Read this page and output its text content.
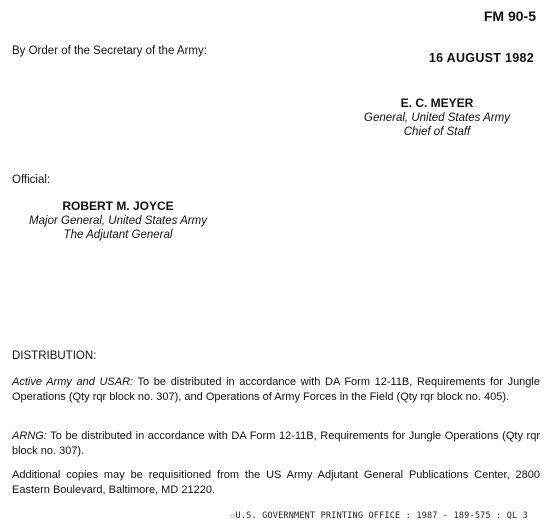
FM 90-5
By Order of the Secretary of the Army:	16 AUGUST 1982
E. C. MEYER
General, United States Army
Chief of Staff
Official:
ROBERT M. JOYCE
Major General, United States Army
The Adjutant General
DISTRIBUTION:
Active Army and USAR: To be distributed in accordance with DA Form 12-11B, Requirements for Jungle Operations (Qty rqr block no. 307), and Operations of Army Forces in the Field (Qty rqr block no. 405).
ARNG: To be distributed in accordance with DA Form 12-11B, Requirements for Jungle Operations (Qty rqr block no. 307).
Additional copies may be requisitioned from the US Army Adjutant General Publications Center, 2800 Eastern Boulevard, Baltimore, MD 21220.
☆U.S. GOVERNMENT PRINTING OFFICE : 1987 - 189-575 : QL 3
